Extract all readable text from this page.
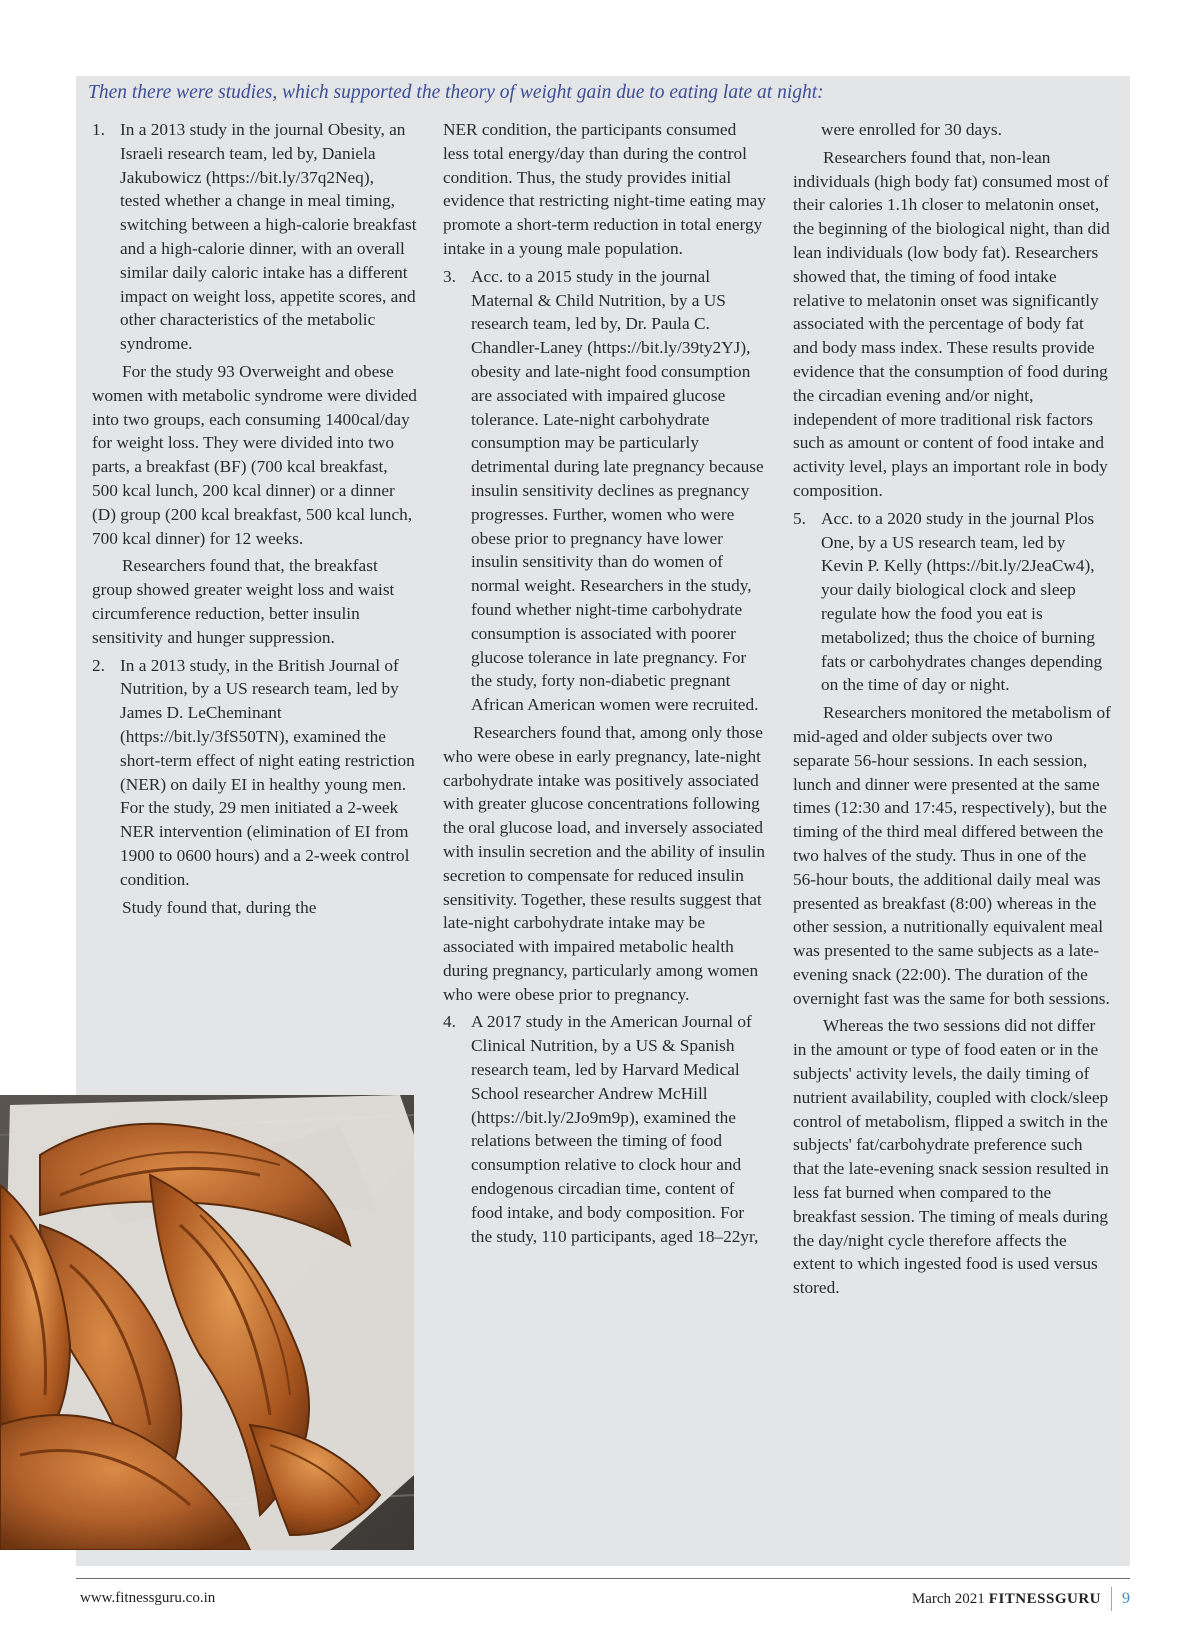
Then there were studies, which supported the theory of weight gain due to eating late at night:

1. In a 2013 study in the journal Obesity, an Israeli research team, led by, Daniela Jakubowicz (https://bit.ly/37q2Neq), tested whether a change in meal timing, switching between a high-calorie breakfast and a high-calorie dinner, with an overall similar daily caloric intake has a different impact on weight loss, appetite scores, and other characteristics of the metabolic syndrome.

For the study 93 Overweight and obese women with metabolic syndrome were divided into two groups, each consuming 1400cal/day for weight loss. They were divided into two parts, a breakfast (BF) (700 kcal breakfast, 500 kcal lunch, 200 kcal dinner) or a dinner (D) group (200 kcal breakfast, 500 kcal lunch, 700 kcal dinner) for 12 weeks.

Researchers found that, the breakfast group showed greater weight loss and waist circumference reduction, better insulin sensitivity and hunger suppression.

2. In a 2013 study, in the British Journal of Nutrition, by a US research team, led by James D. LeCheminant (https://bit.ly/3fS50TN), examined the short-term effect of night eating restriction (NER) on daily EI in healthy young men. For the study, 29 men initiated a 2-week NER intervention (elimination of EI from 1900 to 0600 hours) and a 2-week control condition.

Study found that, during the

NER condition, the participants consumed less total energy/day than during the control condition. Thus, the study provides initial evidence that restricting night-time eating may promote a short-term reduction in total energy intake in a young male population.

3. Acc. to a 2015 study in the journal Maternal & Child Nutrition, by a US research team, led by, Dr. Paula C. Chandler-Laney (https://bit.ly/39ty2YJ), obesity and late-night food consumption are associated with impaired glucose tolerance. Late-night carbohydrate consumption may be particularly detrimental during late pregnancy because insulin sensitivity declines as pregnancy progresses. Further, women who were obese prior to pregnancy have lower insulin sensitivity than do women of normal weight. Researchers in the study, found whether night-time carbohydrate consumption is associated with poorer glucose tolerance in late pregnancy. For the study, forty non-diabetic pregnant African American women were recruited.

Researchers found that, among only those who were obese in early pregnancy, late-night carbohydrate intake was positively associated with greater glucose concentrations following the oral glucose load, and inversely associated with insulin secretion and the ability of insulin secretion to compensate for reduced insulin sensitivity. Together, these results suggest that late-night carbohydrate intake may be associated with impaired metabolic health during pregnancy, particularly among women who were obese prior to pregnancy.

4. A 2017 study in the American Journal of Clinical Nutrition, by a US & Spanish research team, led by Harvard Medical School researcher Andrew McHill (https://bit.ly/2Jo9m9p), examined the relations between the timing of food consumption relative to clock hour and endogenous circadian time, content of food intake, and body composition. For the study, 110 participants, aged 18–22yr,

were enrolled for 30 days.

Researchers found that, non-lean individuals (high body fat) consumed most of their calories 1.1h closer to melatonin onset, the beginning of the biological night, than did lean individuals (low body fat). Researchers showed that, the timing of food intake relative to melatonin onset was significantly associated with the percentage of body fat and body mass index. These results provide evidence that the consumption of food during the circadian evening and/or night, independent of more traditional risk factors such as amount or content of food intake and activity level, plays an important role in body composition.

5. Acc. to a 2020 study in the journal Plos One, by a US research team, led by Kevin P. Kelly (https://bit.ly/2JeaCw4), your daily biological clock and sleep regulate how the food you eat is metabolized; thus the choice of burning fats or carbohydrates changes depending on the time of day or night.

Researchers monitored the metabolism of mid-aged and older subjects over two separate 56-hour sessions. In each session, lunch and dinner were presented at the same times (12:30 and 17:45, respectively), but the timing of the third meal differed between the two halves of the study. Thus in one of the 56-hour bouts, the additional daily meal was presented as breakfast (8:00) whereas in the other session, a nutritionally equivalent meal was presented to the same subjects as a late-evening snack (22:00). The duration of the overnight fast was the same for both sessions.

Whereas the two sessions did not differ in the amount or type of food eaten or in the subjects' activity levels, the daily timing of nutrient availability, coupled with clock/sleep control of metabolism, flipped a switch in the subjects' fat/carbohydrate preference such that the late-evening snack session resulted in less fat burned when compared to the breakfast session. The timing of meals during the day/night cycle therefore affects the extent to which ingested food is used versus stored.

www.fitnessguru.co.in	March 2021 FITNESSGURU 9
